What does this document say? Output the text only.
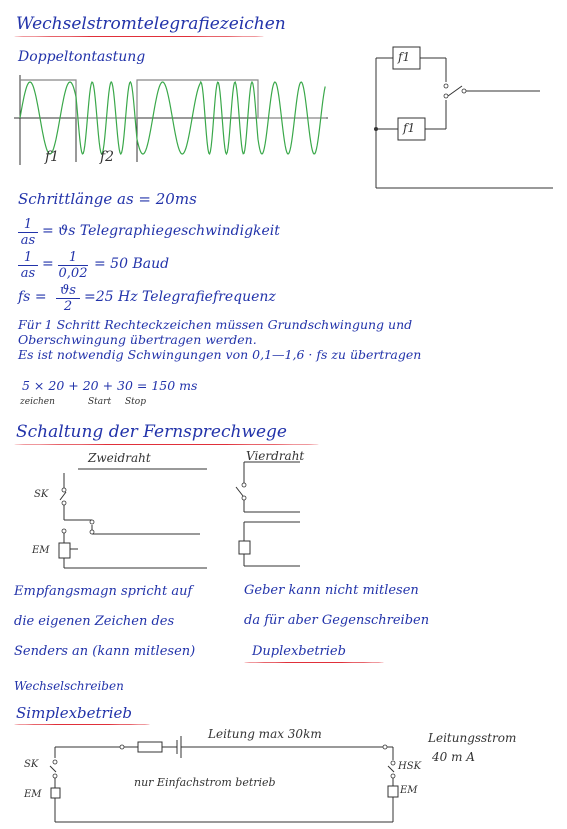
Wechselstromtelegrafiezeichen
Doppeltontastung
f1	f2
f1
f1
Schrittlänge as = 20ms
1
as
= ϑs Telegraphiegeschwindigkeit
1
as
=	1
0,02
= 50 Baud
fs =	ϑs
2
=25 Hz Telegrafiefrequenz
Für 1 Schritt Rechteckzeichen müssen Grundschwingung und
Oberschwingung übertragen werden.
Es ist notwendig Schwingungen von 0,1—1,6 · fs zu übertragen
5 × 20 + 20 + 30 = 150 ms
zeichen	Start Stop
Schaltung der Fernsprechwege
Zweidraht	Vierdraht
SK
EM
Empfangsmagn spricht auf
die eigenen Zeichen des
Senders an (kann mitlesen)
Geber kann nicht mitlesen
da für aber Gegenschreiben
Duplexbetrieb
Wechselschreiben
Simplexbetrieb
Leitung max 30km	Leitungsstrom
40 m A
SK
EM
HSK
EM
nur Einfachstrom betrieb
